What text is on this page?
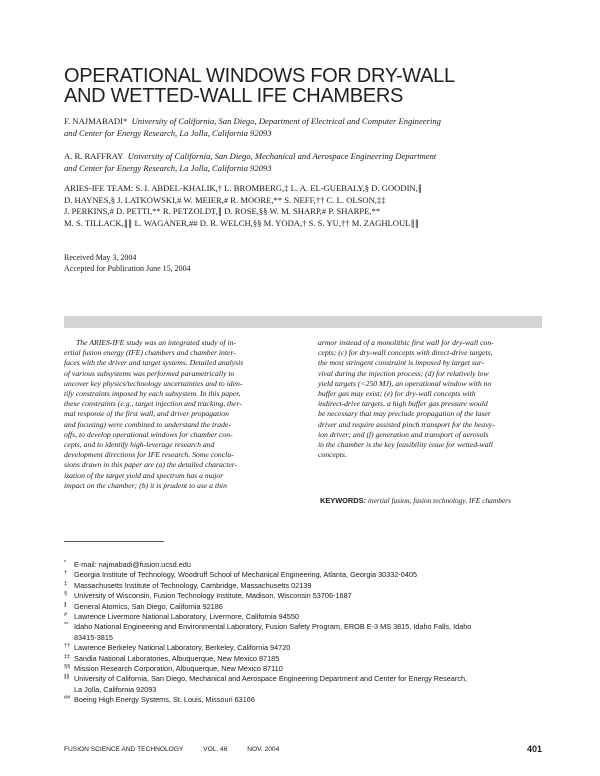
OPERATIONAL WINDOWS FOR DRY-WALL
AND WETTED-WALL IFE CHAMBERS
F. NAJMABADI* University of California, San Diego, Department of Electrical and Computer Engineering
and Center for Energy Research, La Jolla, California 92093
A. R. RAFFRAY University of California, San Diego, Mechanical and Aerospace Engineering Department
and Center for Energy Research, La Jolla, California 92093
ARIES-IFE TEAM: S. I. ABDEL-KHALIK,† L. BROMBERG,‡ L. A. EL-GUEBALY,§ D. GOODIN,∥
D. HAYNES,§ J. LATKOWSKI,# W. MEIER,# R. MOORE,** S. NEFF,†† C. L. OLSON,‡‡
J. PERKINS,# D. PETTI,** R. PETZOLDT,∥ D. ROSE,§§ W. M. SHARP,# P. SHARPE,**
M. S. TILLACK,∥∥ L. WAGANER,## D. R. WELCH,§§ M. YODA,† S. S. YU,†† M. ZAGHLOUL∥∥
Received May 3, 2004
Accepted for Publication June 15, 2004
The ARIES-IFE study was an integrated study of in-
ertial fusion energy (IFE) chambers and chamber inter-
faces with the driver and target systems. Detailed analysis
of various subsystems was performed parametrically to
uncover key physics/technology uncertainties and to iden-
tify constraints imposed by each subsystem. In this paper,
these constraints (e.g., target injection and tracking, ther-
mal response of the first wall, and driver propagation
and focusing) were combined to understand the trade-
offs, to develop operational windows for chamber con-
cepts, and to identify high-leverage research and
development directions for IFE research. Some conclu-
sions drawn in this paper are (a) the detailed character-
ization of the target yield and spectrum has a major
impact on the chamber; (b) it is prudent to use a thin
armor instead of a monolithic first wall for dry-wall con-
cepts; (c) for dry-wall concepts with direct-drive targets,
the most stringent constraint is imposed by target sur-
vival during the injection process; (d) for relatively low
yield targets (<250 MJ), an operational window with no
buffer gas may exist; (e) for dry-wall concepts with
indirect-drive targets, a high buffer gas pressure would
be necessary that may preclude propagation of the laser
driver and require assisted pinch transport for the heavy-
ion driver; and (f) generation and transport of aerosols
in the chamber is the key feasibility issue for wetted-wall
concepts.
KEYWORDS: inertial fusion, fusion technology, IFE chambers
* E-mail: najmabadi@fusion.ucsd.edu
† Georgia Institute of Technology, Woodruff School of Mechanical Engineering, Atlanta, Georgia 30332-0405
‡ Massachusetts Institute of Technology, Cambridge, Massachusetts 02139
§ University of Wisconsin, Fusion Technology Institute, Madison, Wisconsin 53706-1687
∥ General Atomics, San Diego, California 92186
# Lawrence Livermore National Laboratory, Livermore, California 94550
** Idaho National Engineering and Environmental Laboratory, Fusion Safety Program, EROB E-3 MS 3815, Idaho Falls, Idaho
83415-3815
†† Lawrence Berkeley National Laboratory, Berkeley, California 94720
‡‡ Sandia National Laboratories, Albuquerque, New Mexico 87185
§§ Mission Research Corporation, Albuquerque, New Mexico 87110
∥∥ University of California, San Diego, Mechanical and Aerospace Engineering Department and Center for Energy Research,
La Jolla, California 92093
## Boeing High Energy Systems, St. Louis, Missouri 63166
FUSION SCIENCE AND TECHNOLOGY	VOL. 46	NOV. 2004	401
